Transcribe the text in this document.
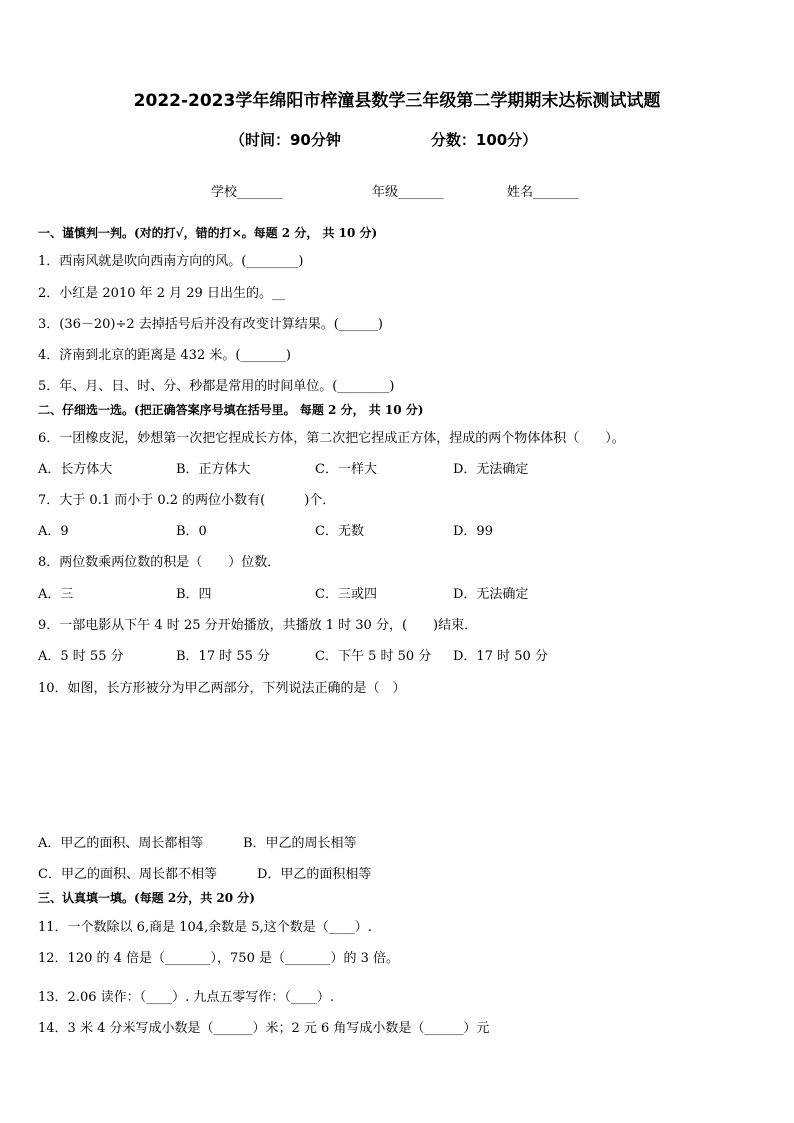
2022-2023学年绵阳市梓潼县数学三年级第二学期期末达标测试试题
（时间：90分钟　　　　　　分数：100分）
学校_______	年级_______	姓名_______
一、谨慎判一判。(对的打√，错的打×。每题 2 分， 共 10 分)
1．西南风就是吹向西南方向的风。(________)
2．小红是 2010 年 2 月 29 日出生的。__
3．(36－20)÷2 去掉括号后并没有改变计算结果。(______)
4．济南到北京的距离是 432 米。(_______)
5．年、月、日、时、分、秒都是常用的时间单位。(________)
二、仔细选一选。(把正确答案序号填在括号里。 每题 2 分， 共 10 分)
6．一团橡皮泥，妙想第一次把它捏成长方体，第二次把它捏成正方体，捏成的两个物体体积（　　）。
A．长方体大	B．正方体大	C．一样大	D．无法确定
7．大于 0.1 而小于 0.2 的两位小数有(　　　)个．
A．9	B．0	C．无数	D．99
8．两位数乘两位数的积是（　　）位数．
A．三	B．四	C．三或四	D．无法确定
9．一部电影从下午 4 时 25 分开始播放，共播放 1 时 30 分，(　　)结束．
A．5 时 55 分	B．17 时 55 分	C．下午 5 时 50 分 D．17 时 50 分
10．如图，长方形被分为甲乙两部分，下列说法正确的是（　）
A．甲乙的面积、周长都相等	B．甲乙的周长相等
C．甲乙的面积、周长都不相等	D．甲乙的面积相等
三、认真填一填。(每题 2分，共 20 分)
11．一个数除以 6,商是 104,余数是 5,这个数是（____）.
12．120 的 4 倍是（_______），750 是（_______）的 3 倍。
13．2.06 读作：（____）. 九点五零写作：（____）.
14．3 米 4 分米写成小数是（______）米；2 元 6 角写成小数是（______）元
